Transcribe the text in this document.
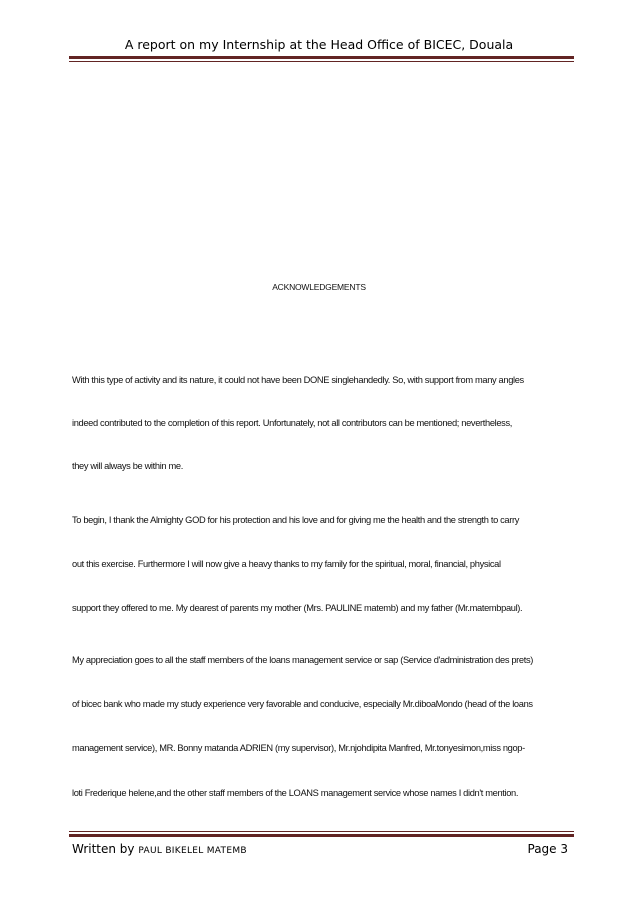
A report on my Internship at the Head Office of BICEC, Douala
ACKNOWLEDGEMENTS
With this type of activity and its nature, it could not have been DONE singlehandedly. So, with support from many angles
indeed contributed to the completion of this report. Unfortunately, not all contributors can be mentioned; nevertheless,
they will always be within me.
To begin, I thank the Almighty GOD for his protection and his love and for giving me the health and the strength to carry
out this exercise. Furthermore I will now give a heavy thanks to my family for the spiritual, moral, financial, physical
support they offered to me. My dearest of parents my mother (Mrs. PAULINE matemb) and my father (Mr.matembpaul).
My appreciation goes to all the staff members of the loans management service or sap (Service d'administration des prets)
of bicec bank who made my study experience very favorable and conducive, especially Mr.diboaMondo (head of the loans
management service), MR. Bonny matanda ADRIEN (my supervisor), Mr.njohdipita Manfred, Mr.tonyesimon,miss ngop-
loti Frederique helene,and the other staff members of the LOANS management service whose names I didn't mention.
Written by PAUL BIKELEL MATEMB	Page 3
